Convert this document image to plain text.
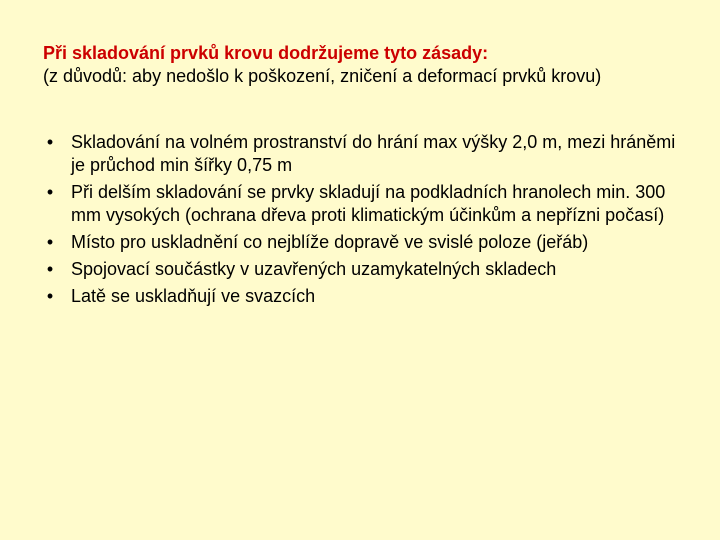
Při skladování prvků krovu dodržujeme tyto zásady:
(z důvodů: aby nedošlo k poškození, zničení a deformací prvků krovu)
• Skladování na volném prostranství do hrání max výšky 2,0 m, mezi hráněmi je průchod min šířky 0,75 m
• Při delším skladování se prvky skladují na podkladních hranolech min. 300 mm vysokých (ochrana dřeva proti klimatickým účinkům a nepřízni počasí)
• Místo pro uskladnění co nejblíže dopravě ve svislé poloze (jeřáb)
• Spojovací součástky v uzavřených uzamykatelných skladech
• Latě se uskladňují ve svazcích
